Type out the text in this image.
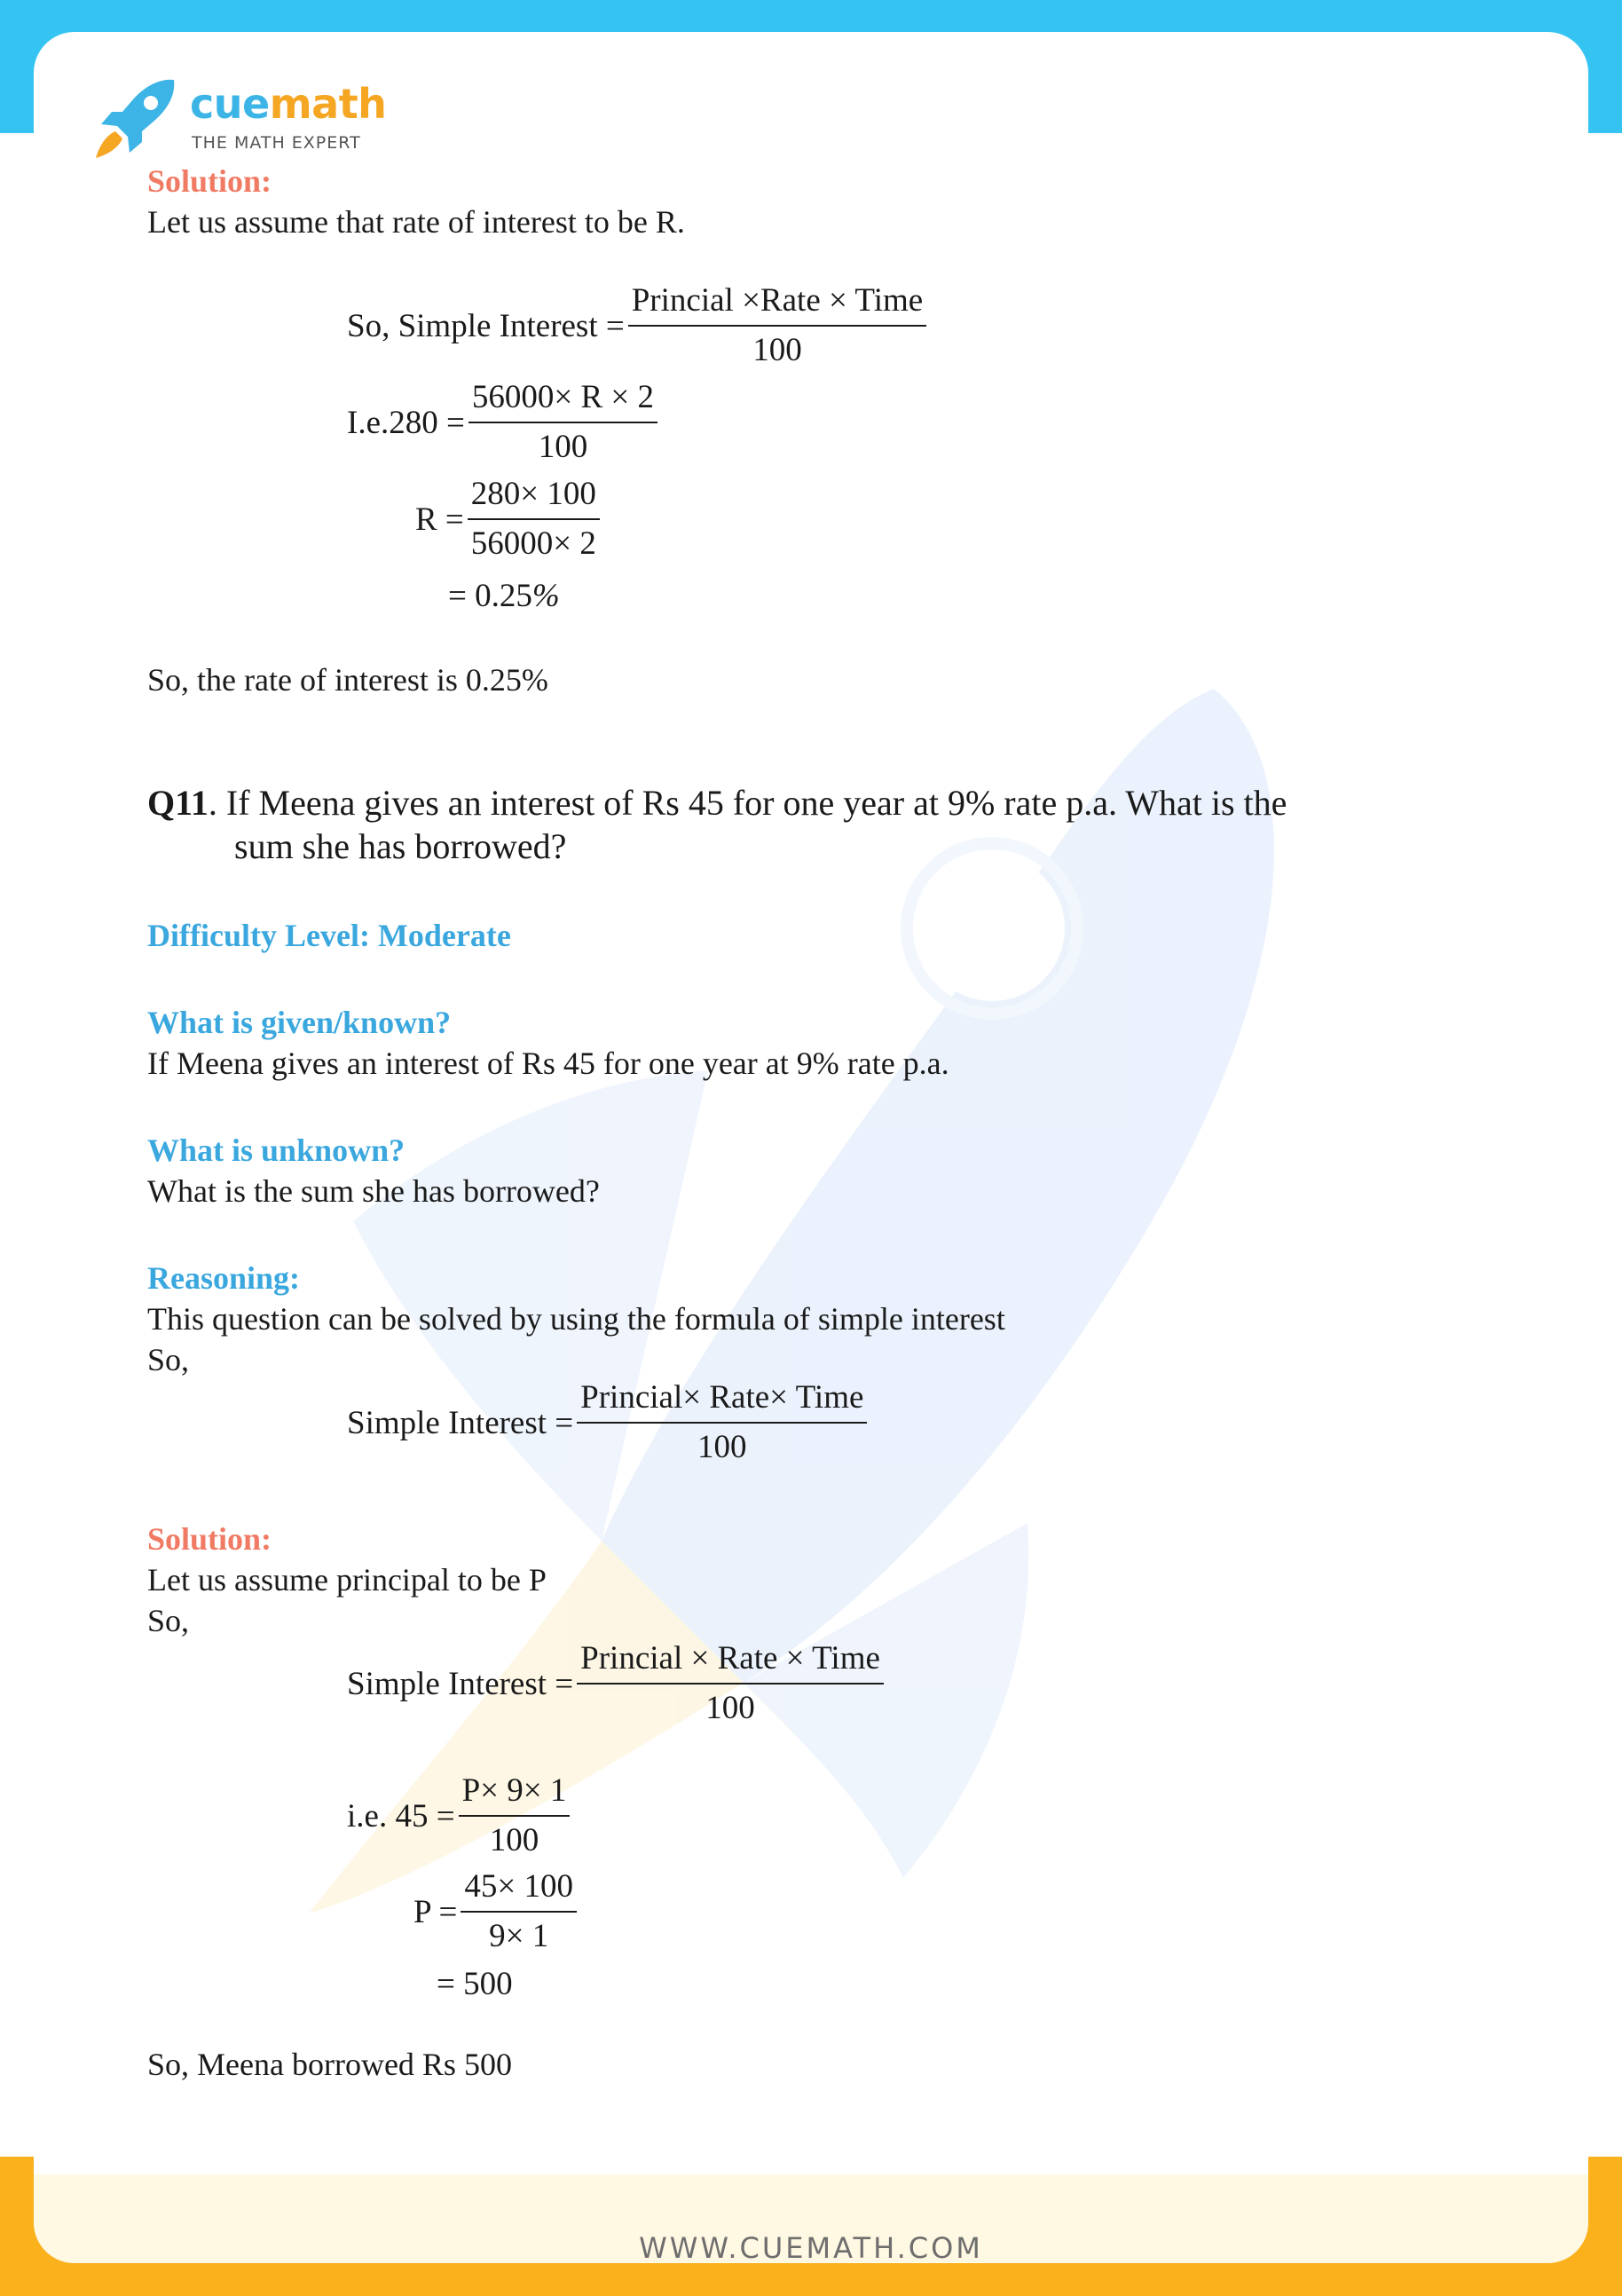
WWW.CUEMATH.COM
cuemath
THE MATH EXPERT
Solution:
Let us assume that rate of interest to be R.
So, Simple Interest = $\frac{\text{Princial ×Rate × Time}}{100}$
$I.e.280 = \frac{56000\times R \times 2}{100}$
$R = \frac{280\times 100}{56000\times 2}$
= 0.25 %
So, the rate of interest is 0.25%
Q11. If Meena gives an interest of Rs 45 for one year at 9% rate p.a. What is the
sum she has borrowed?
Difficulty Level: Moderate
What is given/known?
If Meena gives an interest of Rs 45 for one year at 9% rate p.a.
What is unknown?
What is the sum she has borrowed?
Reasoning:
This question can be solved by using the formula of simple interest
So,
Simple Interest = $\frac{\text{Princial× Rate× Time}}{100}$
Solution:
Let us assume principal to be P
So,
Simple Interest = $\frac{\text{Princial × Rate × Time}}{100}$
i.e. $45 = \frac{P\times 9\times 1}{100}$
$P = \frac{45\times 100}{9\times 1}$
= 500
So, Meena borrowed Rs 500
